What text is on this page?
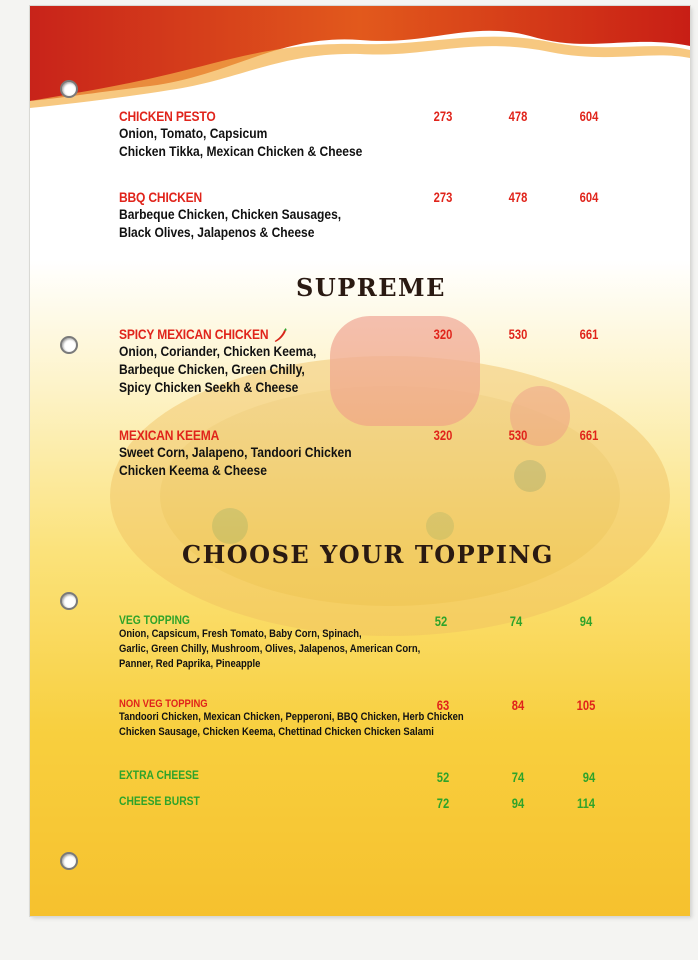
CHICKEN PESTO
Onion, Tomato, Capsicum
Chicken Tikka, Mexican Chicken & Cheese
273	478	604
BBQ CHICKEN
Barbeque Chicken, Chicken Sausages,
Black Olives, Jalapenos & Cheese
273	478	604
SUPREME
SPICY MEXICAN CHICKEN
Onion, Coriander, Chicken Keema,
Barbeque Chicken, Green Chilly,
Spicy Chicken Seekh & Cheese
320	530	661
MEXICAN KEEMA
Sweet Corn, Jalapeno, Tandoori Chicken
Chicken Keema & Cheese
320	530	661
CHOOSE YOUR TOPPING
VEG TOPPING
Onion, Capsicum, Fresh Tomato, Baby Corn, Spinach,
Garlic, Green Chilly, Mushroom, Olives, Jalapenos, American Corn,
Panner, Red Paprika, Pineapple
52	74	94
NON VEG TOPPING
Tandoori Chicken, Mexican Chicken, Pepperoni, BBQ Chicken, Herb Chicken
Chicken Sausage, Chicken Keema, Chettinad Chicken Chicken Salami
63	84	105
EXTRA CHEESE	52	74	94
CHEESE BURST	72	94	114
